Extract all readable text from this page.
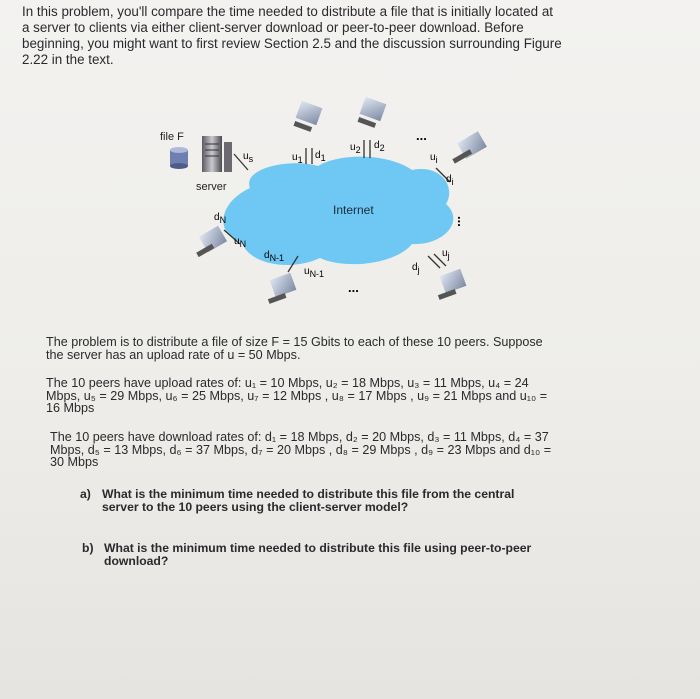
In this problem, you'll compare the time needed to distribute a file that is initially located at
a server to clients via either client-server download or peer-to-peer download. Before
beginning, you might want to first review Section 2.5 and the discussion surrounding Figure
2.22 in the text.
Internet
file F
server
us	u1 d1
u2 d2
...
ui
di
...
dN
uN
dN-1
uN-1
...
uj
dj
The problem is to distribute a file of size F = 15 Gbits to each of these 10 peers. Suppose
the server has an upload rate of u = 50 Mbps.
The 10 peers have upload rates of: u₁ = 10 Mbps, u₂ = 18 Mbps, u₃ = 11 Mbps, u₄ = 24
Mbps, u₅ = 29 Mbps, u₆ = 25 Mbps, u₇ = 12 Mbps , u₈ = 17 Mbps , u₉ = 21 Mbps and u₁₀ =
16 Mbps
The 10 peers have download rates of: d₁ = 18 Mbps, d₂ = 20 Mbps, d₃ = 11 Mbps, d₄ = 37
Mbps, d₅ = 13 Mbps, d₆ = 37 Mbps, d₇ = 20 Mbps , d₈ = 29 Mbps , d₉ = 23 Mbps and d₁₀ =
30 Mbps
a) What is the minimum time needed to distribute this file from the central
server to the 10 peers using the client-server model?
b) What is the minimum time needed to distribute this file using peer-to-peer
download?
